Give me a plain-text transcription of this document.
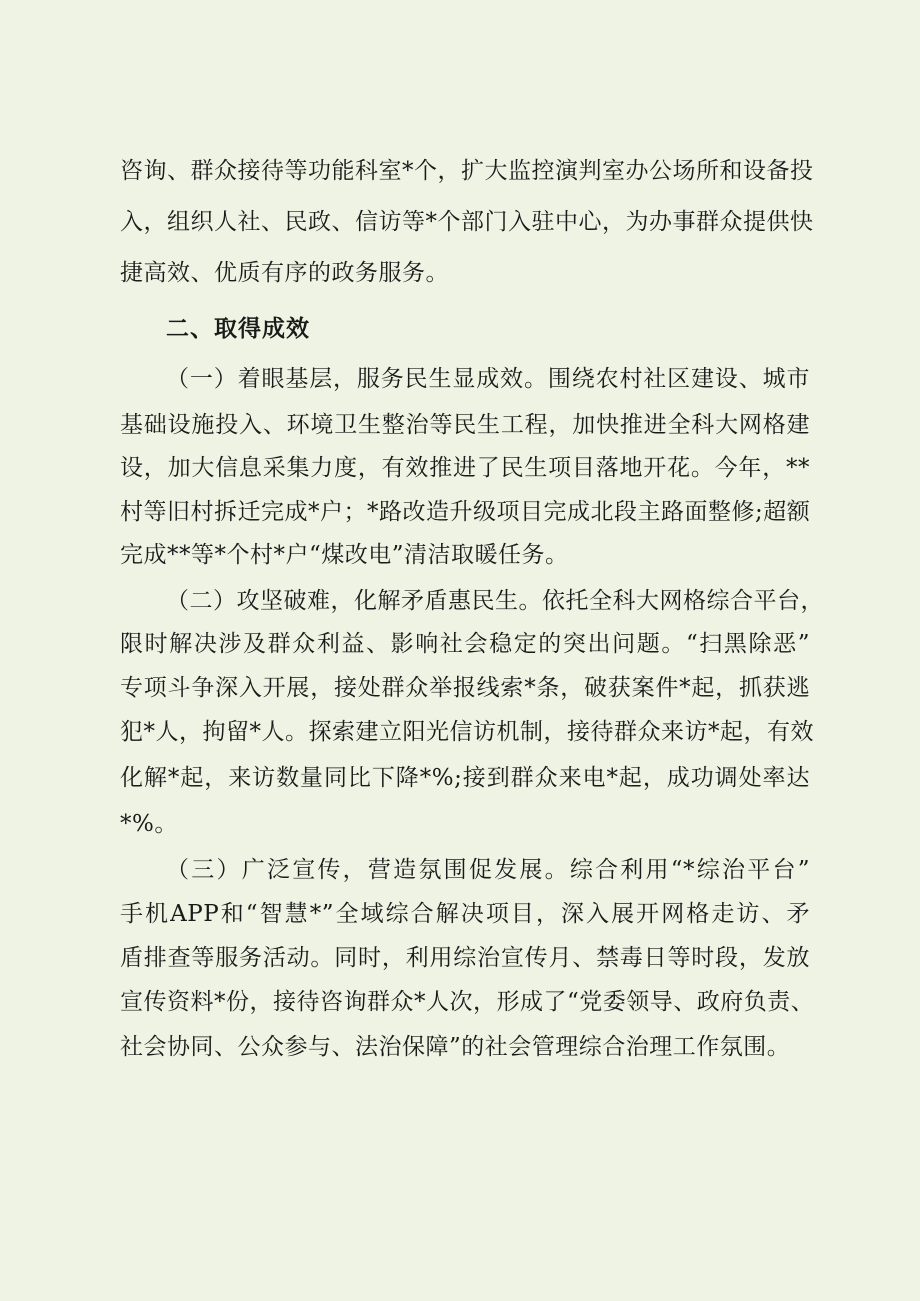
咨询、群众接待等功能科室*个，扩大监控演判室办公场所和设备投
入，组织人社、民政、信访等*个部门入驻中心，为办事群众提供快
捷高效、优质有序的政务服务。
二、取得成效
（一）着眼基层，服务民生显成效。围绕农村社区建设、城市
基础设施投入、环境卫生整治等民生工程，加快推进全科大网格建
设，加大信息采集力度，有效推进了民生项目落地开花。今年，**
村等旧村拆迁完成*户；*路改造升级项目完成北段主路面整修;超额
完成**等*个村*户“煤改电”清洁取暖任务。
（二）攻坚破难，化解矛盾惠民生。依托全科大网格综合平台，
限时解决涉及群众利益、影响社会稳定的突出问题。“扫黑除恶”
专项斗争深入开展，接处群众举报线索*条，破获案件*起，抓获逃
犯*人，拘留*人。探索建立阳光信访机制，接待群众来访*起，有效
化解*起，来访数量同比下降*%;接到群众来电*起，成功调处率达
*%。
（三）广泛宣传，营造氛围促发展。综合利用“*综治平台”
手机APP和“智慧*”全域综合解决项目，深入展开网格走访、矛
盾排查等服务活动。同时，利用综治宣传月、禁毒日等时段，发放
宣传资料*份，接待咨询群众*人次，形成了“党委领导、政府负责、
社会协同、公众参与、法治保障”的社会管理综合治理工作氛围。
